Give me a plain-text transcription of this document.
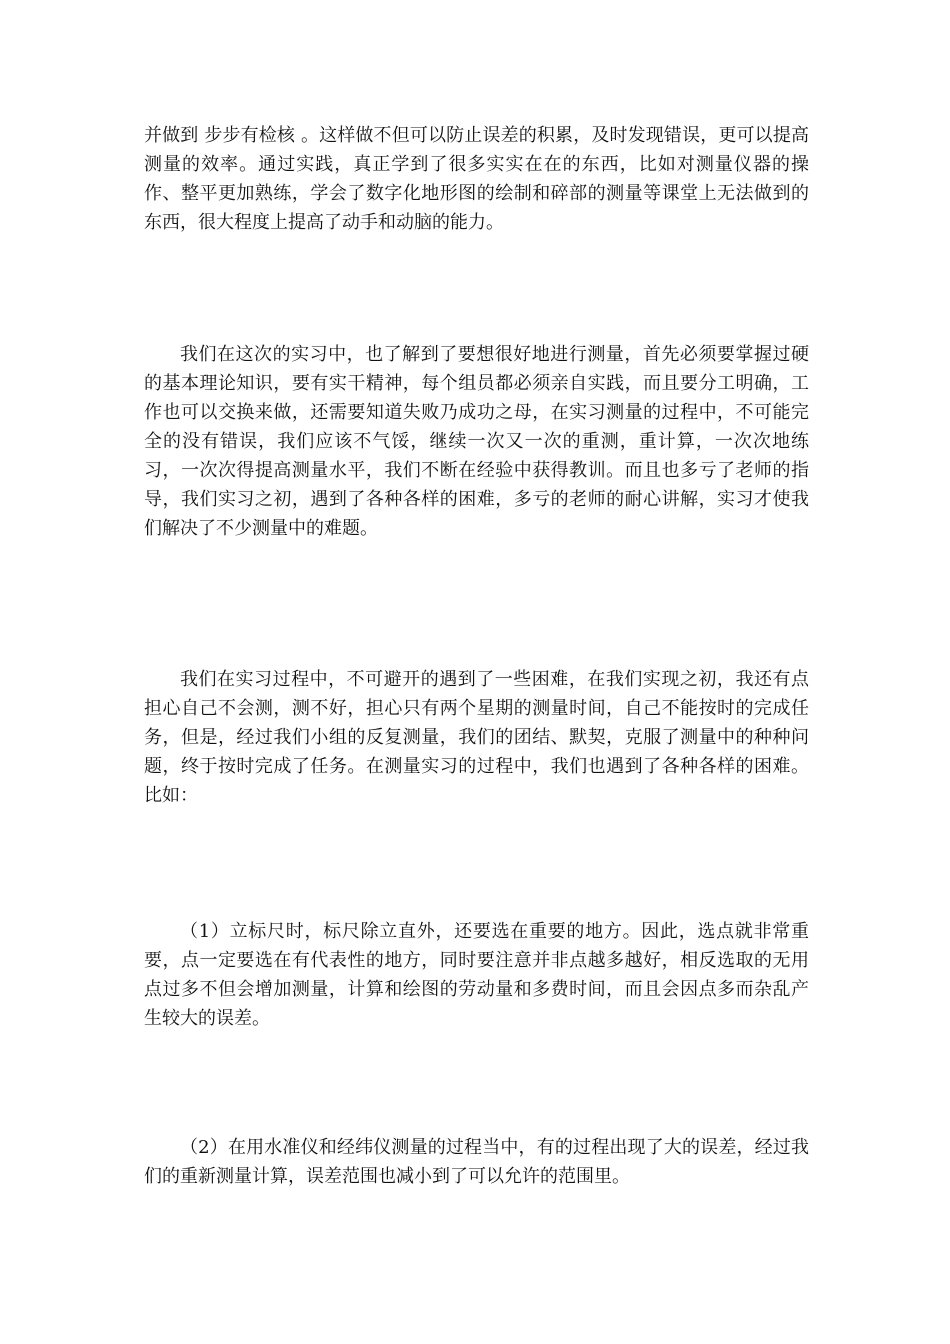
并做到 步步有检核 。这样做不但可以防止误差的积累，及时发现错误，更可以提高测量的效率。通过实践，真正学到了很多实实在在的东西，比如对测量仪器的操作、整平更加熟练，学会了数字化地形图的绘制和碎部的测量等课堂上无法做到的东西，很大程度上提高了动手和动脑的能力。

我们在这次的实习中，也了解到了要想很好地进行测量，首先必须要掌握过硬的基本理论知识，要有实干精神，每个组员都必须亲自实践，而且要分工明确，工作也可以交换来做，还需要知道失败乃成功之母，在实习测量的过程中，不可能完全的没有错误，我们应该不气馁，继续一次又一次的重测，重计算，一次次地练习，一次次得提高测量水平，我们不断在经验中获得教训。而且也多亏了老师的指导，我们实习之初，遇到了各种各样的困难，多亏的老师的耐心讲解，实习才使我们解决了不少测量中的难题。

我们在实习过程中，不可避开的遇到了一些困难，在我们实现之初，我还有点担心自己不会测，测不好，担心只有两个星期的测量时间，自己不能按时的完成任务，但是，经过我们小组的反复测量，我们的团结、默契，克服了测量中的种种问题，终于按时完成了任务。在测量实习的过程中，我们也遇到了各种各样的困难。比如：

（1）立标尺时，标尺除立直外，还要选在重要的地方。因此，选点就非常重要，点一定要选在有代表性的地方，同时要注意并非点越多越好，相反选取的无用点过多不但会增加测量，计算和绘图的劳动量和多费时间，而且会因点多而杂乱产生较大的误差。

（2）在用水准仪和经纬仪测量的过程当中，有的过程出现了大的误差，经过我们的重新测量计算，误差范围也减小到了可以允许的范围里。
